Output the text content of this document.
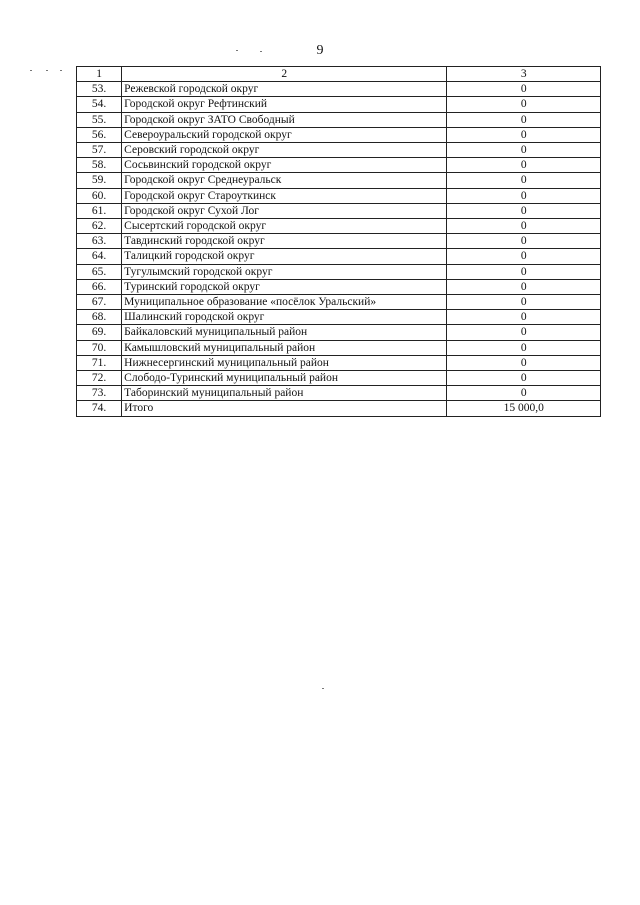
9
1	2	3
53.	Режевской городской округ	0
54.	Городской округ Рефтинский	0
55.	Городской округ ЗАТО Свободный	0
56.	Североуральский городской округ	0
57.	Серовский городской округ	0
58.	Сосьвинский городской округ	0
59.	Городской округ Среднеуральск	0
60.	Городской округ Староуткинск	0
61.	Городской округ Сухой Лог	0
62.	Сысертский городской округ	0
63.	Тавдинский городской округ	0
64.	Талицкий городской округ	0
65.	Тугулымский городской округ	0
66.	Туринский городской округ	0
67.	Муниципальное образование «посёлок Уральский»	0
68.	Шалинский городской округ	0
69.	Байкаловский муниципальный район	0
70.	Камышловский муниципальный район	0
71.	Нижнесергинский муниципальный район	0
72.	Слободо-Туринский муниципальный район	0
73.	Таборинский муниципальный район	0
74.	Итого	15 000,0
